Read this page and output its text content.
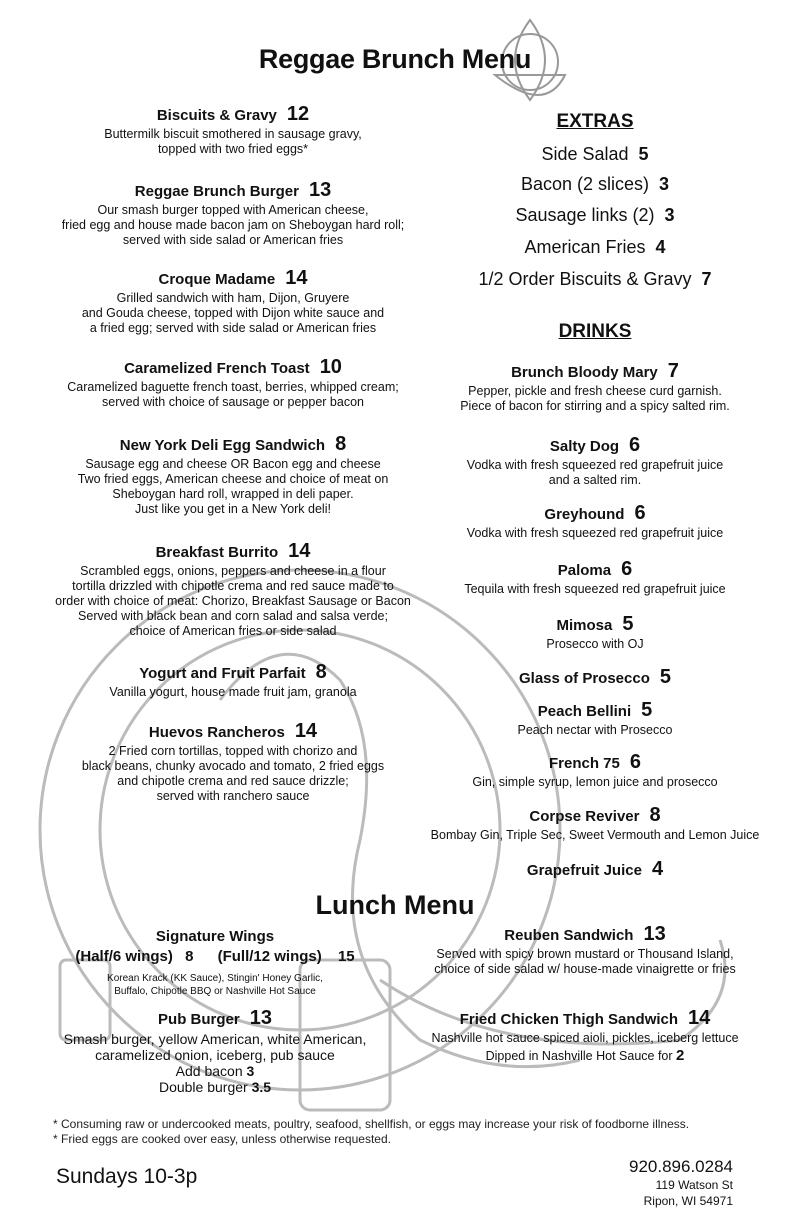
Reggae Brunch Menu
Biscuits & Gravy 12
Buttermilk biscuit smothered in sausage gravy,
topped with two fried eggs*
Reggae Brunch Burger 13
Our smash burger topped with American cheese,
fried egg and house made bacon jam on Sheboygan hard roll;
served with side salad or American fries
Croque Madame 14
Grilled sandwich with ham, Dijon, Gruyere
and Gouda cheese, topped with Dijon white sauce and
a fried egg; served with side salad or American fries
Caramelized French Toast 10
Caramelized baguette french toast, berries, whipped cream;
served with choice of sausage or pepper bacon
New York Deli Egg Sandwich 8
Sausage egg and cheese OR Bacon egg and cheese
Two fried eggs, American cheese and choice of meat on
Sheboygan hard roll, wrapped in deli paper.
Just like you get in a New York deli!
Breakfast Burrito 14
Scrambled eggs, onions, peppers and cheese in a flour
tortilla drizzled with chipotle crema and red sauce made to
order with choice of meat: Chorizo, Breakfast Sausage or Bacon
Served with black bean and corn salad and salsa verde;
choice of American fries or side salad
Yogurt and Fruit Parfait 8
Vanilla yogurt, house made fruit jam, granola
Huevos Rancheros 14
2 Fried corn tortillas, topped with chorizo and
black beans, chunky avocado and tomato, 2 fried eggs
and chipotle crema and red sauce drizzle;
served with ranchero sauce
EXTRAS
Side Salad 5
Bacon (2 slices) 3
Sausage links (2) 3
American Fries 4
1/2 Order Biscuits & Gravy 7
DRINKS
Brunch Bloody Mary 7
Pepper, pickle and fresh cheese curd garnish.
Piece of bacon for stirring and a spicy salted rim.
Salty Dog 6
Vodka with fresh squeezed red grapefruit juice
and a salted rim.
Greyhound 6
Vodka with fresh squeezed red grapefruit juice
Paloma 6
Tequila with fresh squeezed red grapefruit juice
Mimosa 5
Prosecco with OJ
Glass of Prosecco 5
Peach Bellini 5
Peach nectar with Prosecco
French 75 6
Gin, simple syrup, lemon juice and prosecco
Corpse Reviver 8
Bombay Gin, Triple Sec, Sweet Vermouth and Lemon Juice
Grapefruit Juice 4
Lunch Menu
Signature Wings
(Half/6 wings) 8 (Full/12 wings) 15
Korean Krack (KK Sauce), Stingin' Honey Garlic,
Buffalo, Chipotle BBQ or Nashville Hot Sauce
Pub Burger 13
Smash burger, yellow American, white American,
caramelized onion, iceberg, pub sauce
Add bacon 3
Double burger 3.5
Reuben Sandwich 13
Served with spicy brown mustard or Thousand Island,
choice of side salad w/ house-made vinaigrette or fries
Fried Chicken Thigh Sandwich 14
Nashville hot sauce spiced aioli, pickles, iceberg lettuce
Dipped in Nashville Hot Sauce for 2
* Consuming raw or undercooked meats, poultry, seafood, shellfish, or eggs may increase your risk of foodborne illness.
* Fried eggs are cooked over easy, unless otherwise requested.
Sundays 10-3p	920.896.0284
119 Watson St
Ripon, WI 54971
